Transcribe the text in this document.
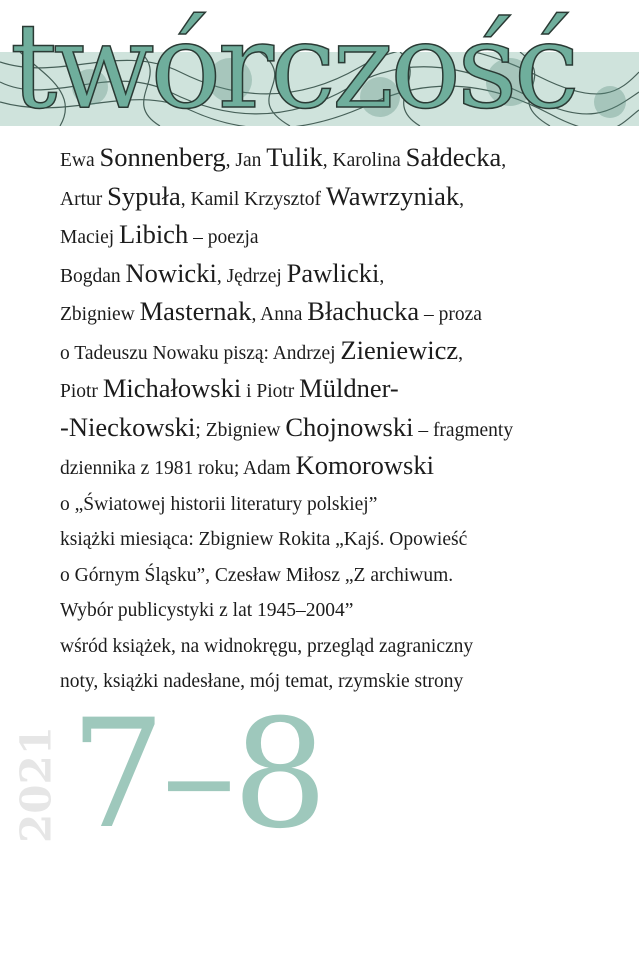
twórczość
Ewa Sonnenberg, Jan Tulik, Karolina Sałdecka,
Artur Sypuła, Kamil Krzysztof Wawrzyniak,
Maciej Libich – poezja
Bogdan Nowicki, Jędrzej Pawlicki,
Zbigniew Masternak, Anna Błachucka – proza
o Tadeuszu Nowaku piszą: Andrzej Zieniewicz,
Piotr Michałowski i Piotr Müldner-
-Nieckowski; Zbigniew Chojnowski – fragmenty
dziennika z 1981 roku; Adam Komorowski
o „Światowej historii literatury polskiej”
książki miesiąca: Zbigniew Rokita „Kajś. Opowieść
o Górnym Śląsku”, Czesław Miłosz „Z archiwum.
Wybór publicystyki z lat 1945–2004”
wśród książek, na widnokręgu, przegląd zagraniczny
noty, książki nadesłane, mój temat, rzymskie strony
7–8
2021
